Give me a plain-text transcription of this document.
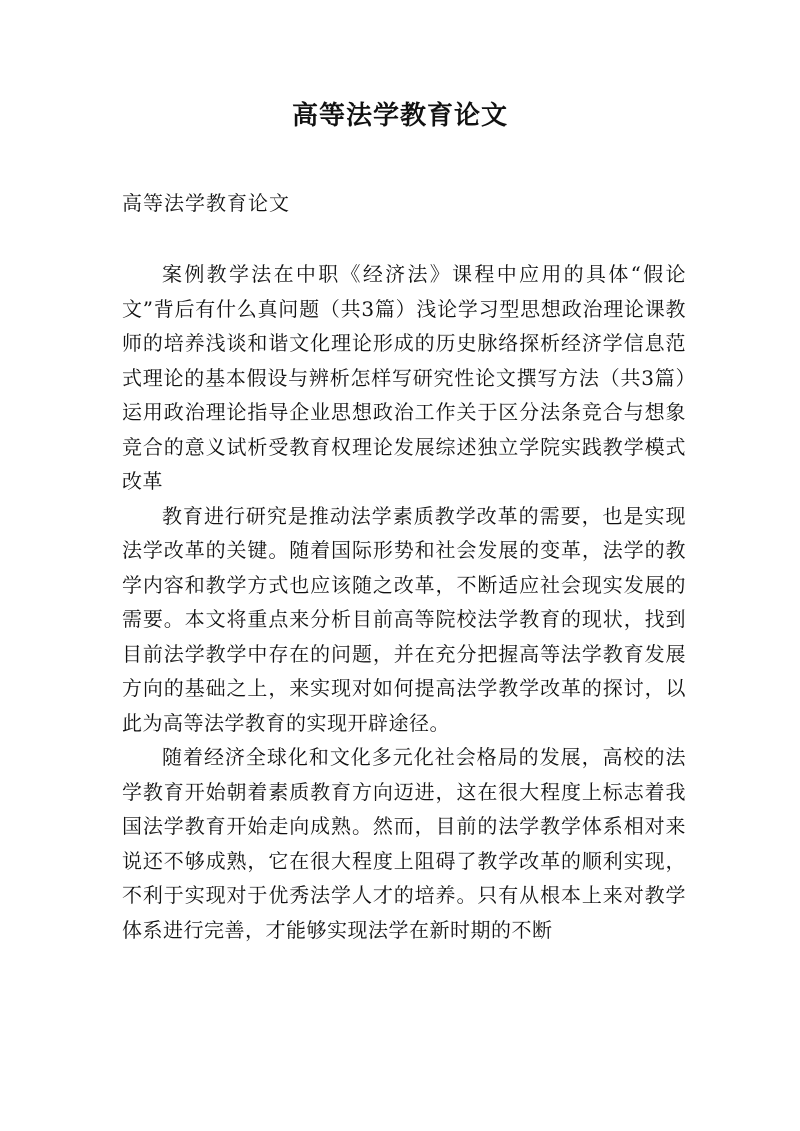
高等法学教育论文

高等法学教育论文

案例教学法在中职《经济法》课程中应用的具体“假论文”背后有什么真问题（共3篇）浅论学习型思想政治理论课教师的培养浅谈和谐文化理论形成的历史脉络探析经济学信息范式理论的基本假设与辨析怎样写研究性论文撰写方法（共3篇）运用政治理论指导企业思想政治工作关于区分法条竞合与想象竞合的意义试析受教育权理论发展综述独立学院实践教学模式改革

教育进行研究是推动法学素质教学改革的需要，也是实现法学改革的关键。随着国际形势和社会发展的变革，法学的教学内容和教学方式也应该随之改革，不断适应社会现实发展的需要。本文将重点来分析目前高等院校法学教育的现状，找到目前法学教学中存在的问题，并在充分把握高等法学教育发展方向的基础之上，来实现对如何提高法学教学改革的探讨，以此为高等法学教育的实现开辟途径。

随着经济全球化和文化多元化社会格局的发展，高校的法学教育开始朝着素质教育方向迈进，这在很大程度上标志着我国法学教育开始走向成熟。然而，目前的法学教学体系相对来说还不够成熟，它在很大程度上阻碍了教学改革的顺利实现，不利于实现对于优秀法学人才的培养。只有从根本上来对教学体系进行完善，才能够实现法学在新时期的不断
